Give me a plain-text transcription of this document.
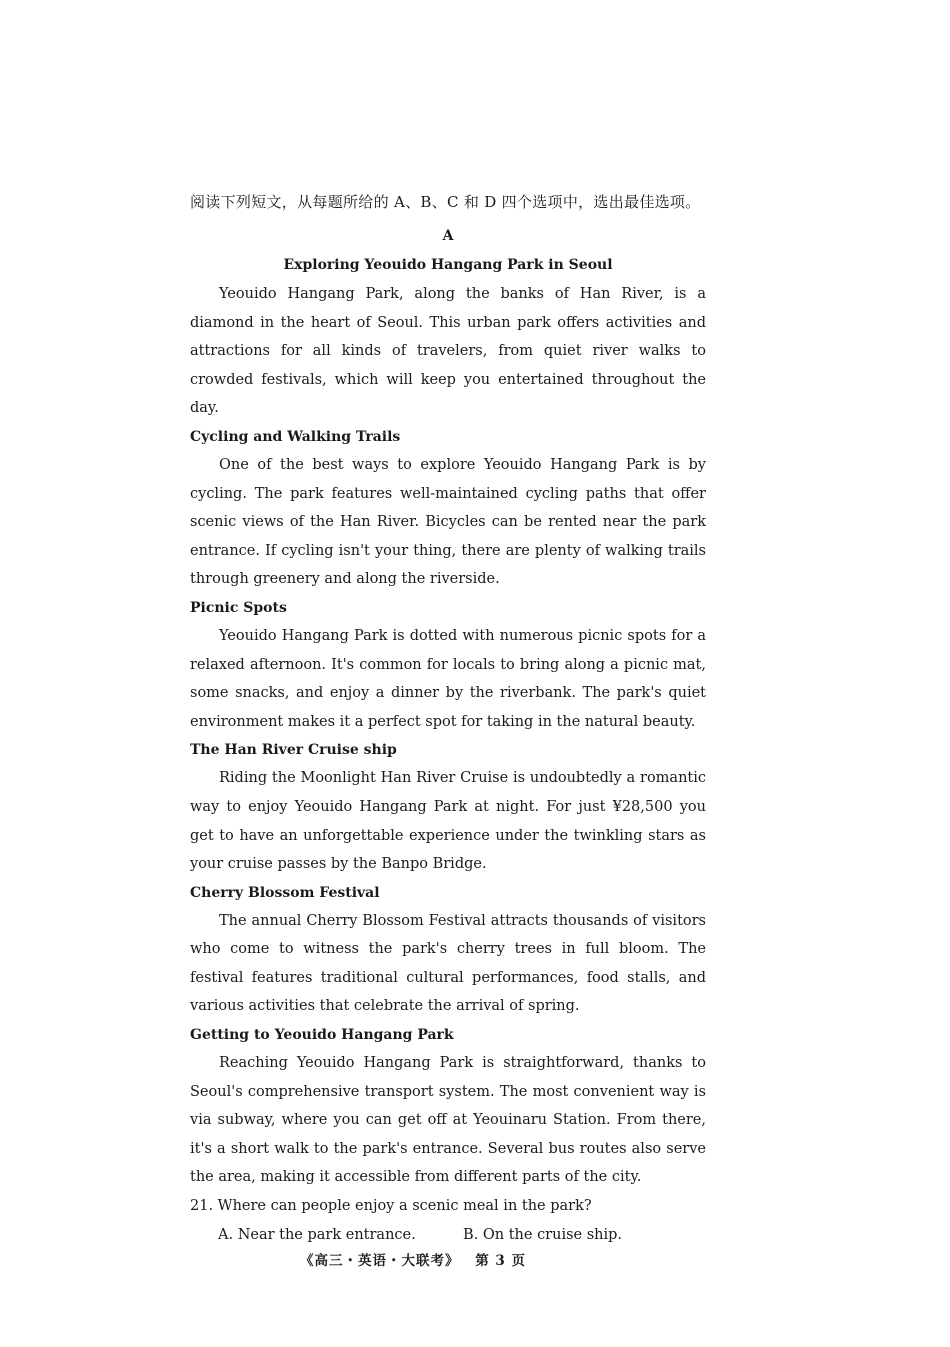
阅读下列短文，从每题所给的 A、B、C 和 D 四个选项中，选出最佳选项。

A
Exploring Yeouido Hangang Park in Seoul

Yeouido Hangang Park, along the banks of Han River, is a diamond in the heart of Seoul. This urban park offers activities and attractions for all kinds of travelers, from quiet river walks to crowded festivals, which will keep you entertained throughout the day.

Cycling and Walking Trails

One of the best ways to explore Yeouido Hangang Park is by cycling. The park features well-maintained cycling paths that offer scenic views of the Han River. Bicycles can be rented near the park entrance. If cycling isn't your thing, there are plenty of walking trails through greenery and along the riverside.

Picnic Spots

Yeouido Hangang Park is dotted with numerous picnic spots for a relaxed afternoon. It's common for locals to bring along a picnic mat, some snacks, and enjoy a dinner by the riverbank. The park's quiet environment makes it a perfect spot for taking in the natural beauty.

The Han River Cruise ship

Riding the Moonlight Han River Cruise is undoubtedly a romantic way to enjoy Yeouido Hangang Park at night. For just ¥28,500 you get to have an unforgettable experience under the twinkling stars as your cruise passes by the Banpo Bridge.

Cherry Blossom Festival

The annual Cherry Blossom Festival attracts thousands of visitors who come to witness the park's cherry trees in full bloom. The festival features traditional cultural performances, food stalls, and various activities that celebrate the arrival of spring.

Getting to Yeouido Hangang Park

Reaching Yeouido Hangang Park is straightforward, thanks to Seoul's comprehensive transport system. The most convenient way is via subway, where you can get off at Yeouinaru Station. From there, it's a short walk to the park's entrance. Several bus routes also serve the area, making it accessible from different parts of the city.

21. Where can people enjoy a scenic meal in the park?

A. Near the park entrance.	B. On the cruise ship.
《高三・英语・大联考》 第 3 页
